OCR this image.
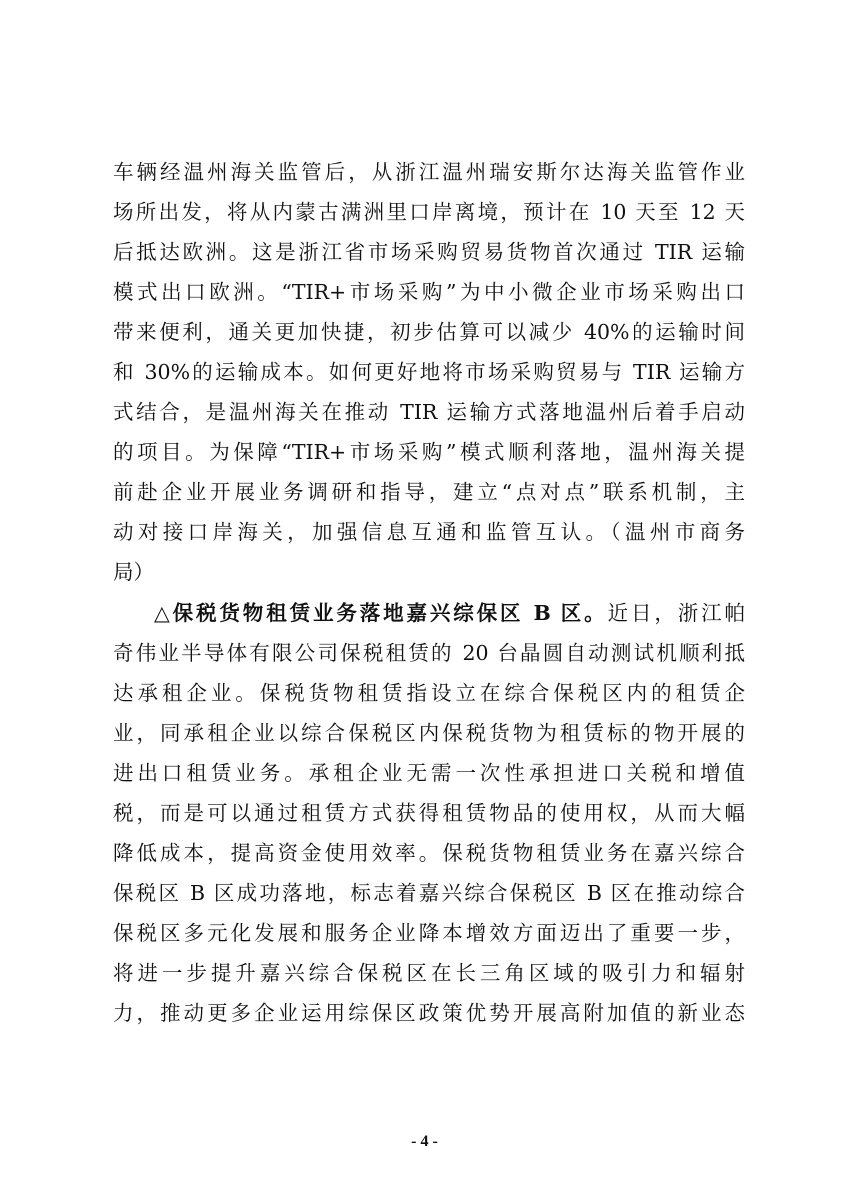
车辆经温州海关监管后，从浙江温州瑞安斯尔达海关监管作业
场所出发，将从内蒙古满洲里口岸离境，预计在 10 天至 12 天
后抵达欧洲。这是浙江省市场采购贸易货物首次通过 TIR 运输
模式出口欧洲。“TIR+市场采购”为中小微企业市场采购出口
带来便利，通关更加快捷，初步估算可以减少 40%的运输时间
和 30%的运输成本。如何更好地将市场采购贸易与 TIR 运输方
式结合，是温州海关在推动 TIR 运输方式落地温州后着手启动
的项目。为保障“TIR+市场采购”模式顺利落地，温州海关提
前赴企业开展业务调研和指导，建立“点对点”联系机制，主
动对接口岸海关，加强信息互通和监管互认。（温州市商务
局）
△保税货物租赁业务落地嘉兴综保区 B 区。近日，浙江帕
奇伟业半导体有限公司保税租赁的 20 台晶圆自动测试机顺利抵
达承租企业。保税货物租赁指设立在综合保税区内的租赁企
业，同承租企业以综合保税区内保税货物为租赁标的物开展的
进出口租赁业务。承租企业无需一次性承担进口关税和增值
税，而是可以通过租赁方式获得租赁物品的使用权，从而大幅
降低成本，提高资金使用效率。保税货物租赁业务在嘉兴综合
保税区 B 区成功落地，标志着嘉兴综合保税区 B 区在推动综合
保税区多元化发展和服务企业降本增效方面迈出了重要一步，
将进一步提升嘉兴综合保税区在长三角区域的吸引力和辐射
力，推动更多企业运用综保区政策优势开展高附加值的新业态
- 4 -
